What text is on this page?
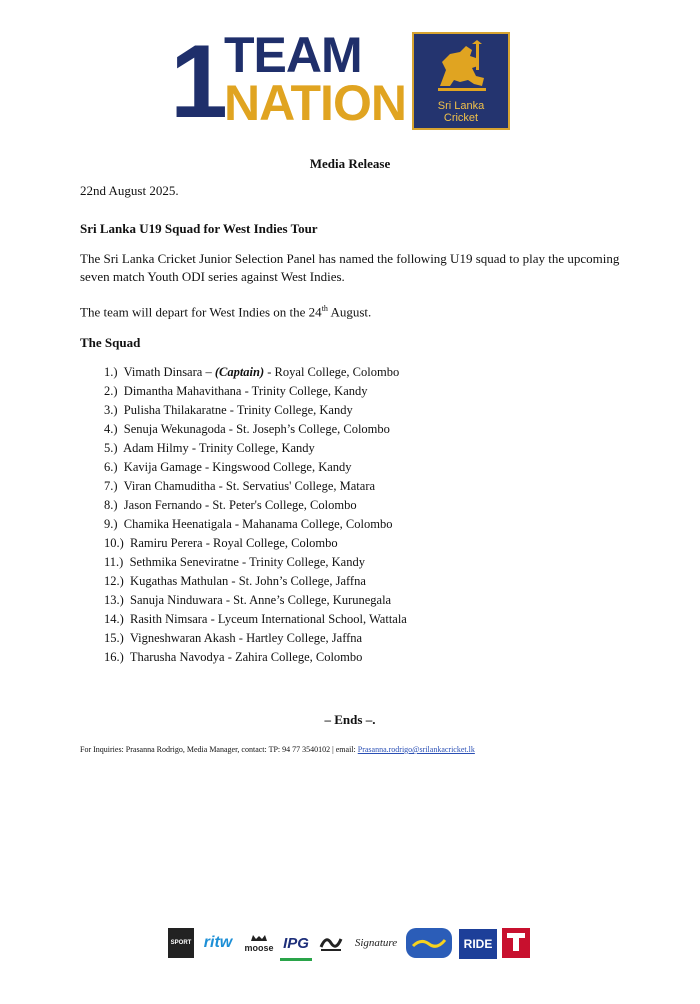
1 TEAM
NATION	Sri Lanka
Cricket
Media Release
22nd August 2025.
Sri Lanka U19 Squad for West Indies Tour
The Sri Lanka Cricket Junior Selection Panel has named the following U19 squad to play the upcoming seven match Youth ODI series against West Indies.
The team will depart for West Indies on the 24th August.
The Squad
1.) Vimath Dinsara – (Captain) - Royal College, Colombo
2.) Dimantha Mahavithana - Trinity College, Kandy
3.) Pulisha Thilakaratne - Trinity College, Kandy
4.) Senuja Wekunagoda - St. Joseph’s College, Colombo
5.) Adam Hilmy - Trinity College, Kandy
6.) Kavija Gamage - Kingswood College, Kandy
7.) Viran Chamuditha - St. Servatius' College, Matara
8.) Jason Fernando - St. Peter's College, Colombo
9.) Chamika Heenatigala - Mahanama College, Colombo
10.) Ramiru Perera - Royal College, Colombo
11.) Sethmika Seneviratne - Trinity College, Kandy
12.) Kugathas Mathulan - St. John’s College, Jaffna
13.) Sanuja Ninduwara - St. Anne’s College, Kurunegala
14.) Rasith Nimsara - Lyceum International School, Wattala
15.) Vigneshwaran Akash - Hartley College, Jaffna
16.) Tharusha Navodya - Zahira College, Colombo
– Ends –.
For Inquiries: Prasanna Rodrigo, Media Manager, contact: TP: 94 77 3540102 | email: Prasanna.rodrigo@srilankacricket.lk
SPORT ritw	moose IPG	Signature	RIDE
